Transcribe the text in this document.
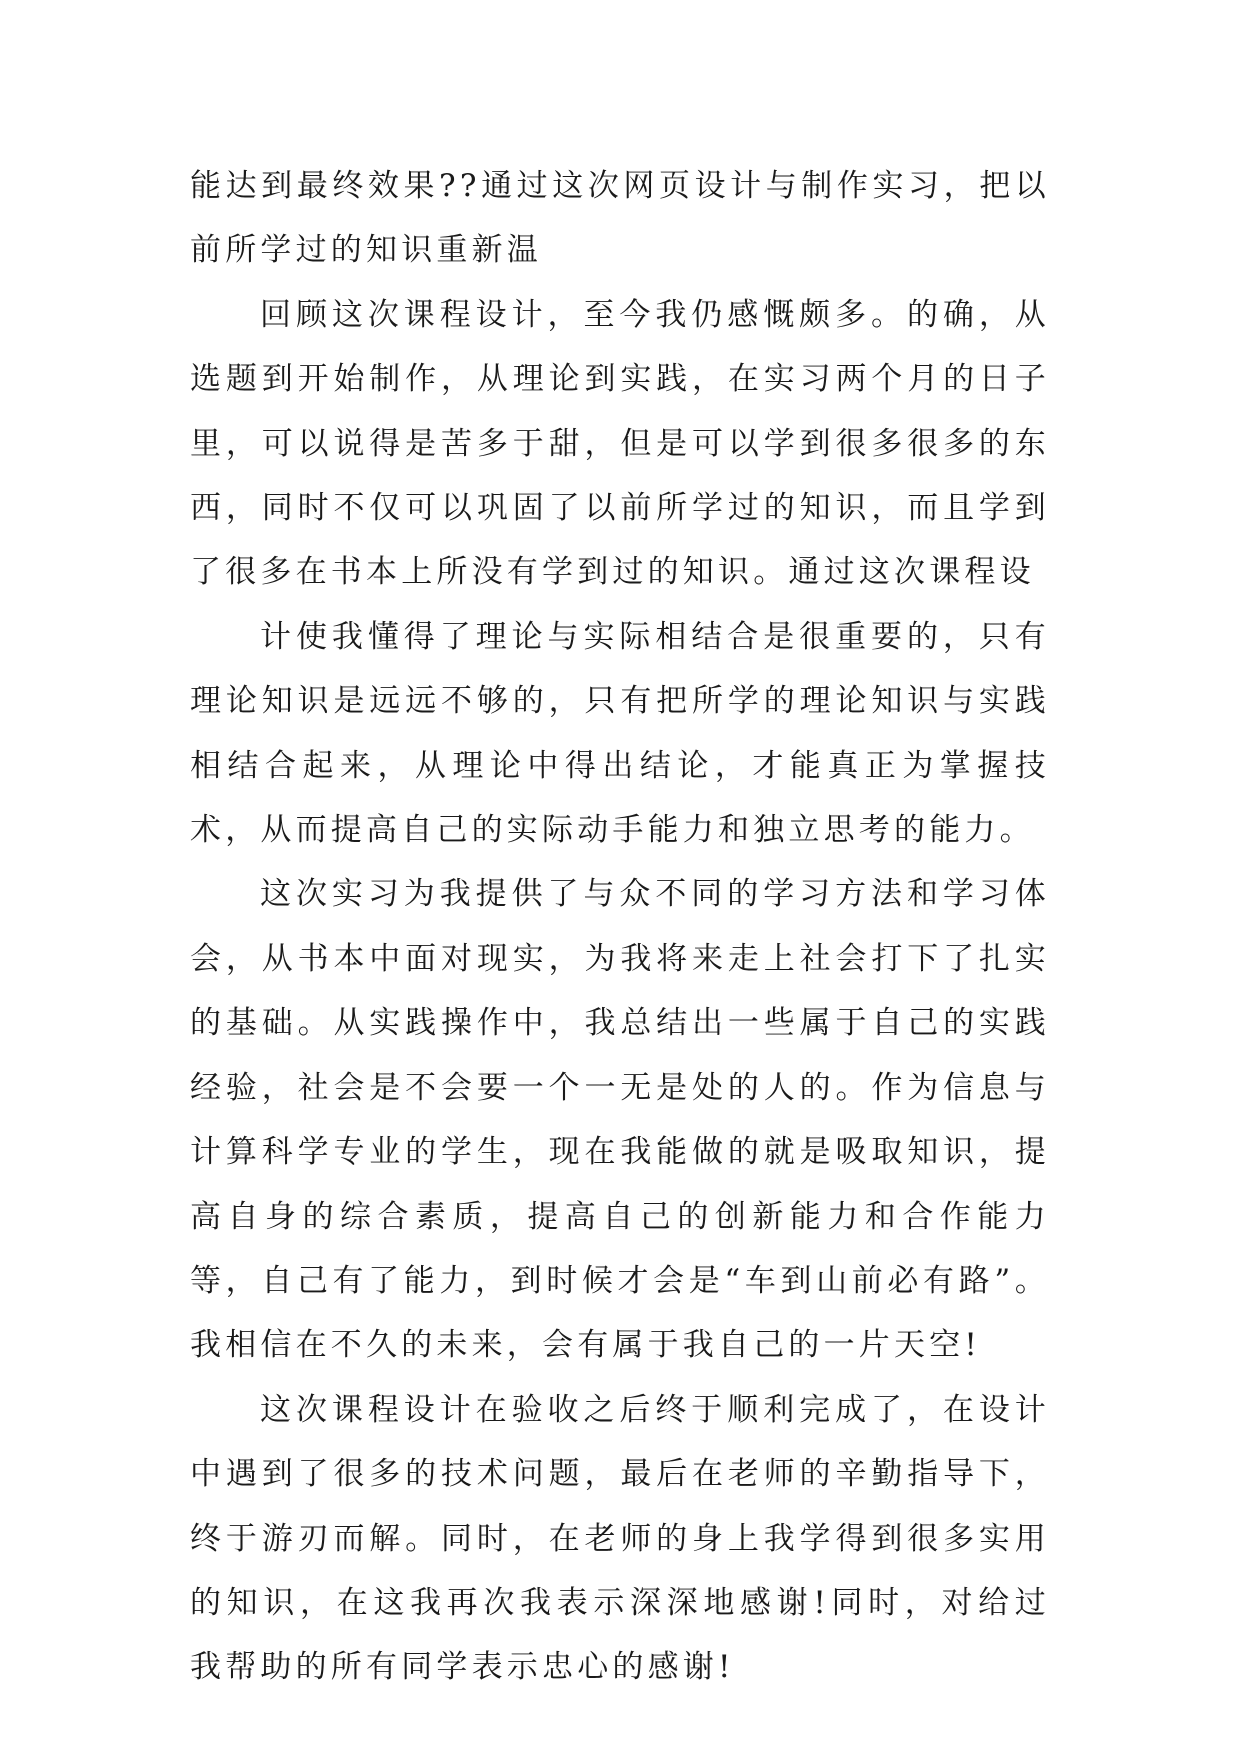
能达到最终效果??通过这次网页设计与制作实习，把以前所学过的知识重新温

回顾这次课程设计，至今我仍感慨颇多。的确，从选题到开始制作，从理论到实践，在实习两个月的日子里，可以说得是苦多于甜，但是可以学到很多很多的东西，同时不仅可以巩固了以前所学过的知识，而且学到了很多在书本上所没有学到过的知识。通过这次课程设

计使我懂得了理论与实际相结合是很重要的，只有理论知识是远远不够的，只有把所学的理论知识与实践相结合起来，从理论中得出结论，才能真正为掌握技术，从而提高自己的实际动手能力和独立思考的能力。

这次实习为我提供了与众不同的学习方法和学习体会，从书本中面对现实，为我将来走上社会打下了扎实的基础。从实践操作中，我总结出一些属于自己的实践经验，社会是不会要一个一无是处的人的。作为信息与计算科学专业的学生，现在我能做的就是吸取知识，提高自身的综合素质，提高自己的创新能力和合作能力等，自己有了能力，到时候才会是“车到山前必有路”。我相信在不久的未来，会有属于我自己的一片天空!

这次课程设计在验收之后终于顺利完成了，在设计中遇到了很多的技术问题，最后在老师的辛勤指导下，终于游刃而解。同时，在老师的身上我学得到很多实用的知识，在这我再次我表示深深地感谢!同时，对给过我帮助的所有同学表示忠心的感谢!
